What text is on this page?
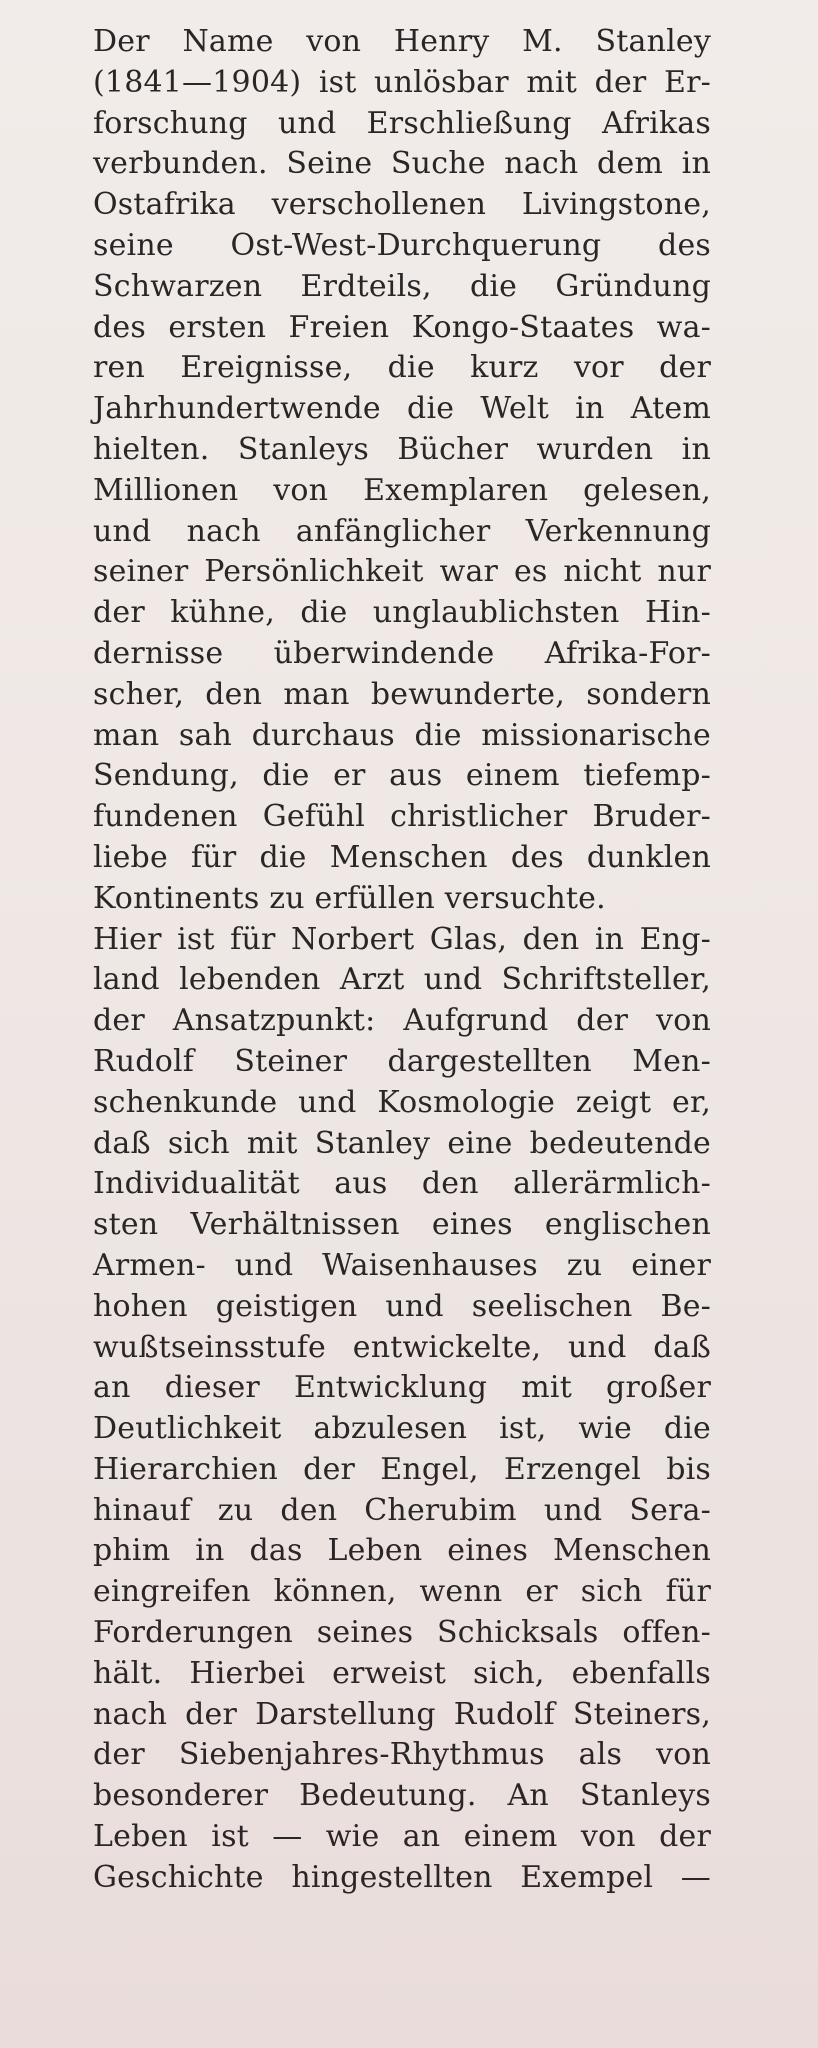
Der Name von Henry M. Stanley
(1841—1904) ist unlösbar mit der Er-
forschung und Erschließung Afrikas
verbunden. Seine Suche nach dem in
Ostafrika verschollenen Livingstone,
seine Ost-West-Durchquerung des
Schwarzen Erdteils, die Gründung
des ersten Freien Kongo-Staates wa-
ren Ereignisse, die kurz vor der
Jahrhundertwende die Welt in Atem
hielten. Stanleys Bücher wurden in
Millionen von Exemplaren gelesen,
und nach anfänglicher Verkennung
seiner Persönlichkeit war es nicht nur
der kühne, die unglaublichsten Hin-
dernisse überwindende Afrika-For-
scher, den man bewunderte, sondern
man sah durchaus die missionarische
Sendung, die er aus einem tiefemp-
fundenen Gefühl christlicher Bruder-
liebe für die Menschen des dunklen
Kontinents zu erfüllen versuchte.

Hier ist für Norbert Glas, den in Eng-
land lebenden Arzt und Schriftsteller,
der Ansatzpunkt: Aufgrund der von
Rudolf Steiner dargestellten Men-
schenkunde und Kosmologie zeigt er,
daß sich mit Stanley eine bedeutende
Individualität aus den allerärmlich-
sten Verhältnissen eines englischen
Armen- und Waisenhauses zu einer
hohen geistigen und seelischen Be-
wußtseinsstufe entwickelte, und daß
an dieser Entwicklung mit großer
Deutlichkeit abzulesen ist, wie die
Hierarchien der Engel, Erzengel bis
hinauf zu den Cherubim und Sera-
phim in das Leben eines Menschen
eingreifen können, wenn er sich für
Forderungen seines Schicksals offen-
hält. Hierbei erweist sich, ebenfalls
nach der Darstellung Rudolf Steiners,
der Siebenjahres-Rhythmus als von
besonderer Bedeutung. An Stanleys
Leben ist — wie an einem von der
Geschichte hingestellten Exempel —
